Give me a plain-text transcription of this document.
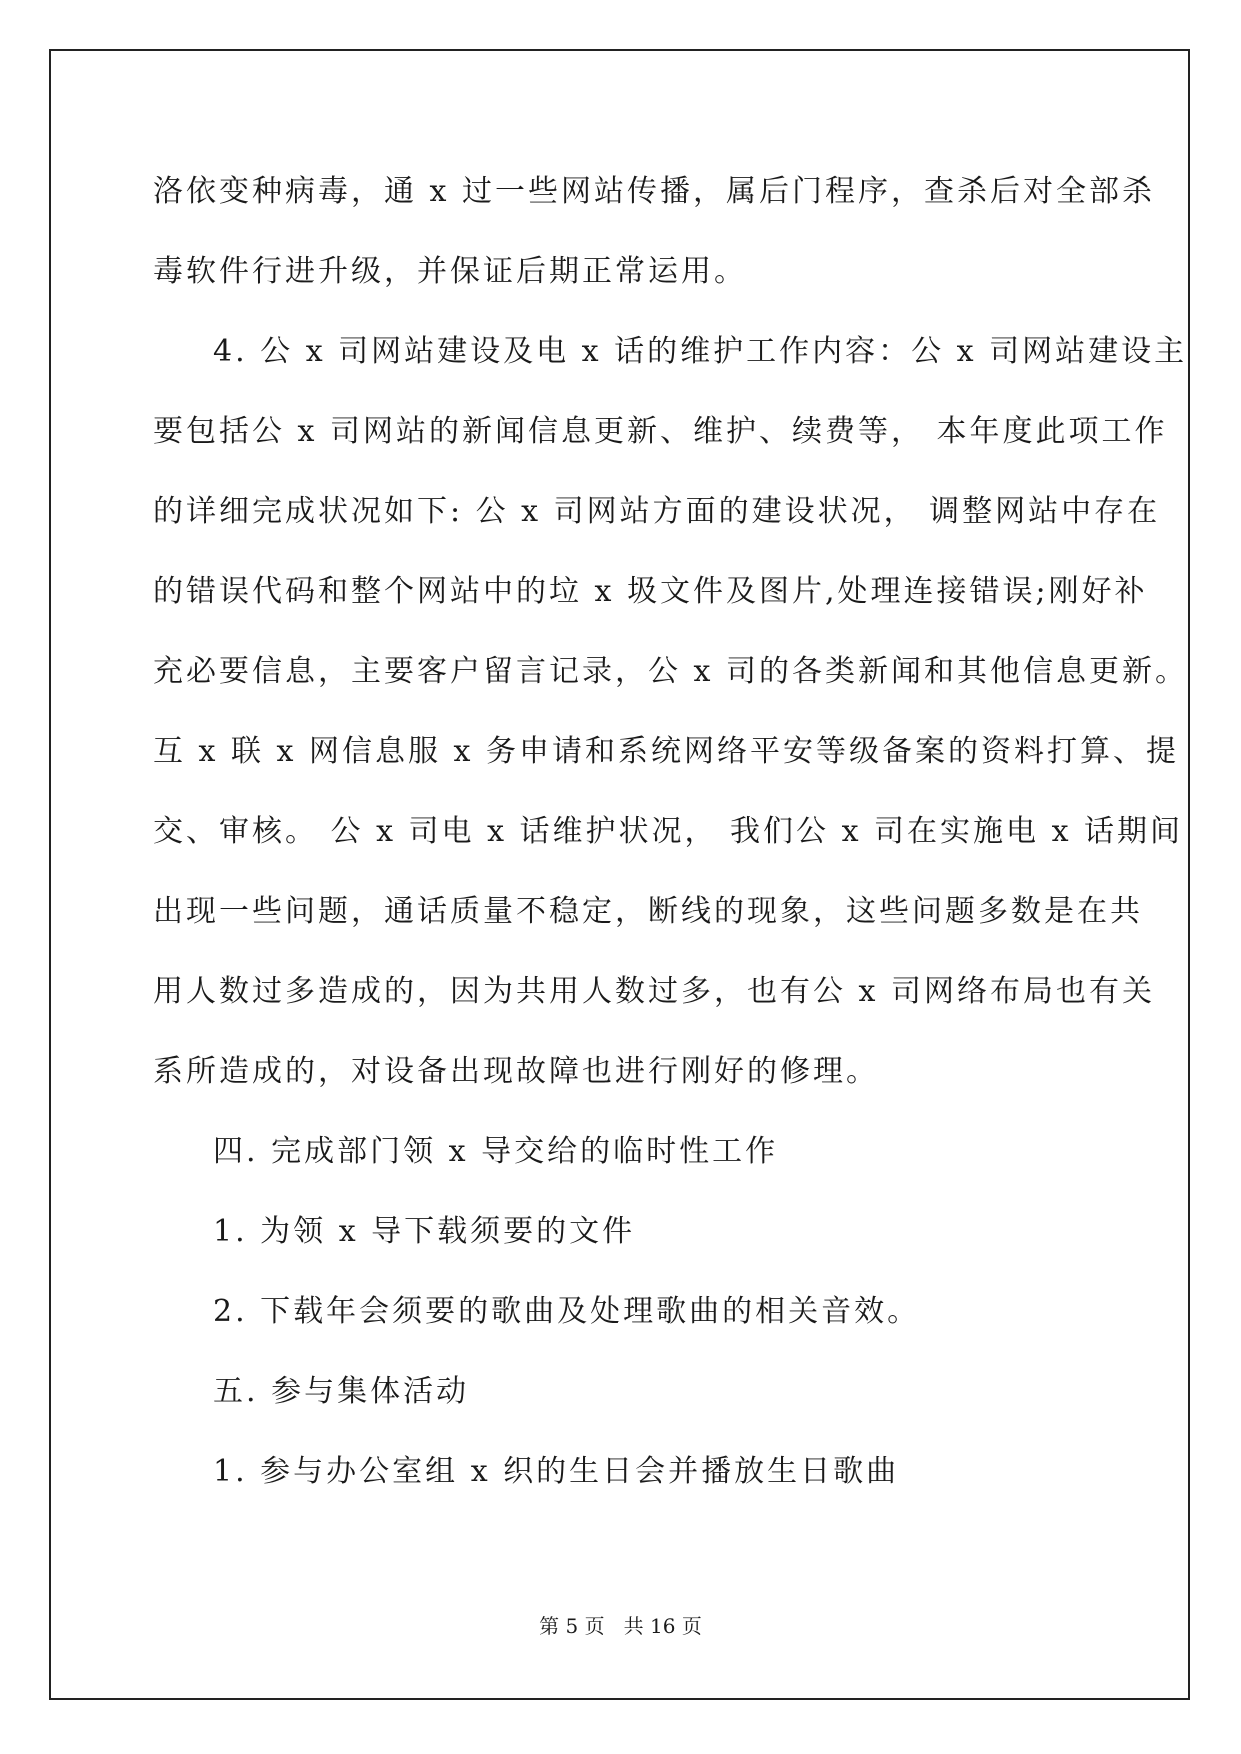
洛依变种病毒，通 x 过一些网站传播，属后门程序，查杀后对全部杀
毒软件行进升级，并保证后期正常运用。
4. 公 x 司网站建设及电 x 话的维护工作内容：公 x 司网站建设主
要包括公 x 司网站的新闻信息更新、维护、续费等， 本年度此项工作
的详细完成状况如下: 公 x 司网站方面的建设状况， 调整网站中存在
的错误代码和整个网站中的垃 x 圾文件及图片,处理连接错误;刚好补
充必要信息，主要客户留言记录，公 x 司的各类新闻和其他信息更新。
互 x 联 x 网信息服 x 务申请和系统网络平安等级备案的资料打算、提
交、审核。 公 x 司电 x 话维护状况， 我们公 x 司在实施电 x 话期间
出现一些问题，通话质量不稳定，断线的现象，这些问题多数是在共
用人数过多造成的，因为共用人数过多，也有公 x 司网络布局也有关
系所造成的，对设备出现故障也进行刚好的修理。
四. 完成部门领 x 导交给的临时性工作
1. 为领 x 导下载须要的文件
2. 下载年会须要的歌曲及处理歌曲的相关音效。
五. 参与集体活动
1. 参与办公室组 x 织的生日会并播放生日歌曲
第 5 页   共 16 页
